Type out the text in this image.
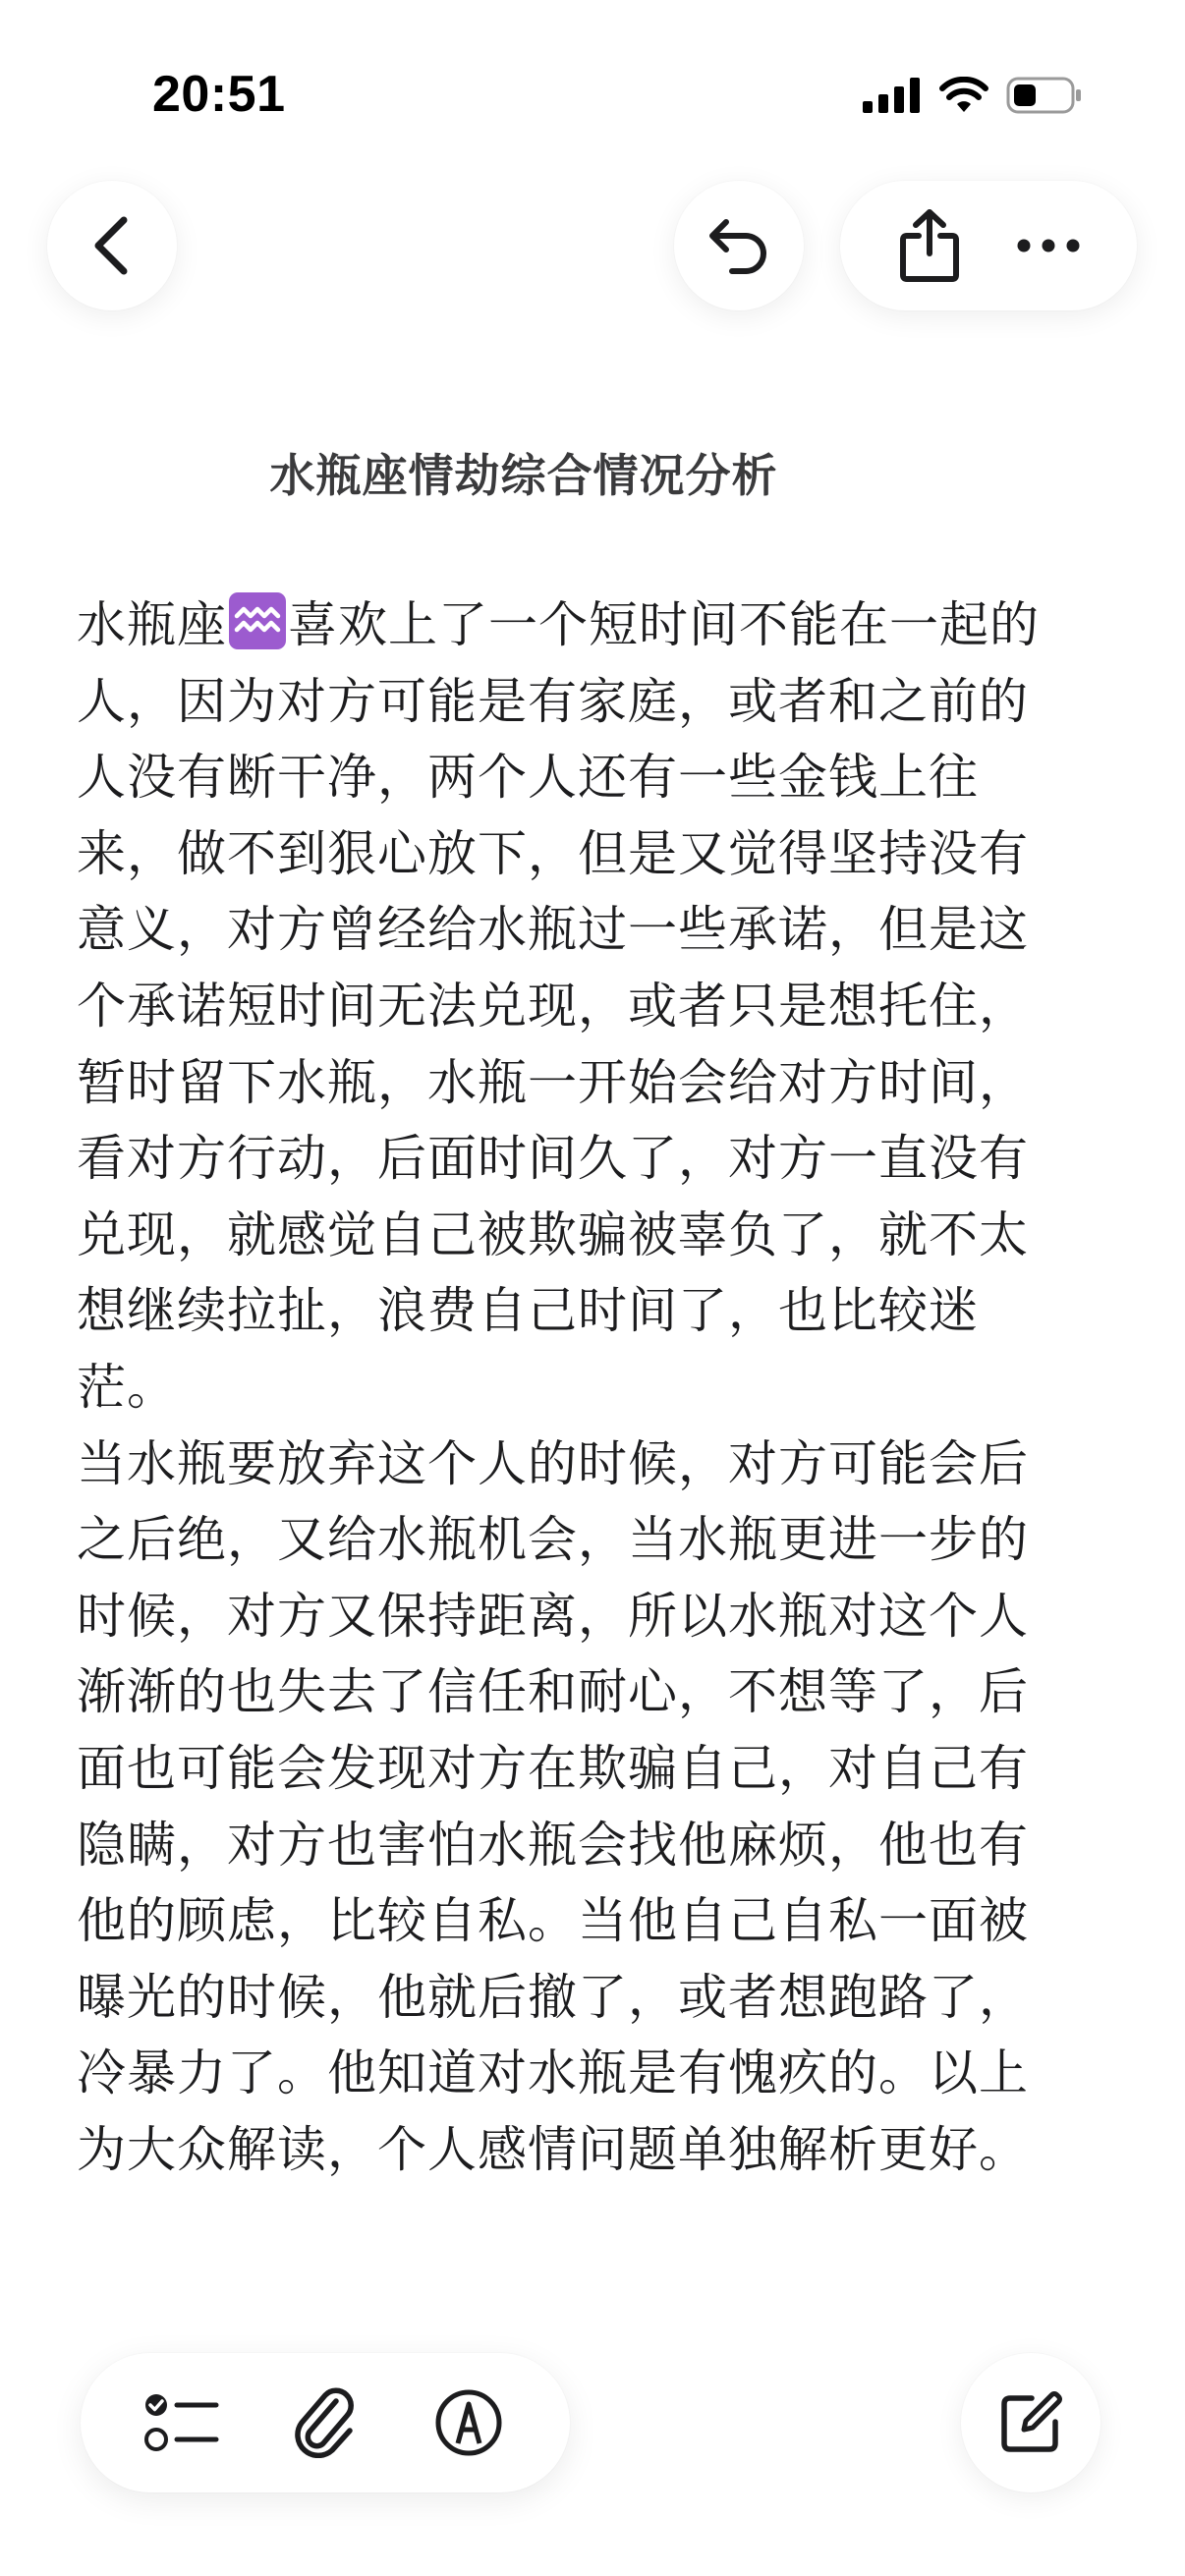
20:51
水瓶座情劫综合情况分析

水瓶座 喜欢上了一个短时间不能在一起的人，因为对方可能是有家庭，或者和之前的人没有断干净，两个人还有一些金钱上往来，做不到狠心放下，但是又觉得坚持没有意义，对方曾经给水瓶过一些承诺，但是这个承诺短时间无法兑现，或者只是想托住，暂时留下水瓶，水瓶一开始会给对方时间，看对方行动，后面时间久了，对方一直没有兑现，就感觉自己被欺骗被辜负了，就不太想继续拉扯，浪费自己时间了，也比较迷茫。

当水瓶要放弃这个人的时候，对方可能会后之后绝，又给水瓶机会，当水瓶更进一步的时候，对方又保持距离，所以水瓶对这个人渐渐的也失去了信任和耐心，不想等了，后面也可能会发现对方在欺骗自己，对自己有隐瞒，对方也害怕水瓶会找他麻烦，他也有他的顾虑，比较自私。当他自己自私一面被曝光的时候，他就后撤了，或者想跑路了，冷暴力了。他知道对水瓶是有愧疚的。以上为大众解读，个人感情问题单独解析更好。
